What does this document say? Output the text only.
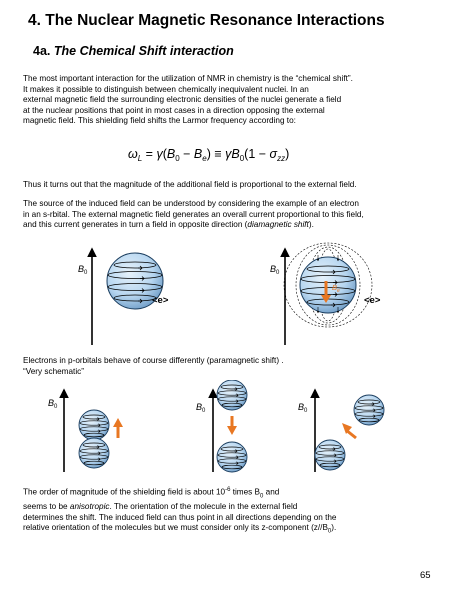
4. The Nuclear Magnetic Resonance Interactions
4a. The Chemical Shift interaction
The most important interaction for the utilization of NMR in chemistry is the “chemical shift”.
It makes it possible to distinguish between chemically inequivalent nuclei. In an
external magnetic field the surrounding electronic densities of the nuclei generate a field
at the nuclear positions that point in most cases in a direction opposing the external
magnetic field. This shielding field shifts the Larmor frequency according to:
$\omega_L = \gamma(B_0 - B_e) \equiv \gamma B_0(1 - \sigma_{zz})$
Thus it turns out that the magnitude of the additional field is proportional to the external field.
The source of the induced field can be understood by considering the example of an electron
in an s-rbital. The external magnetic field generates an overall current proportional to this field,
and this current generates in turn a field in opposite direction (diamagnetic shift).
$B_0$
<e>
$B_0$
$B_e$
<e>
Electrons in p-orbitals behave of course differently (paramagnetic shift) .
“Very schematic”
$B_0$	$B_0$	$B_0$
The order of magnitude of the shielding field is about $10^{-6}$ times $B_0$ and
seems to be anisotropic. The orientation of the molecule in the external field
determines the shift. The induced field can thus point in all directions depending on the
relative orientation of the molecules but we must consider only its z-component $(z//B_0)$.
65
